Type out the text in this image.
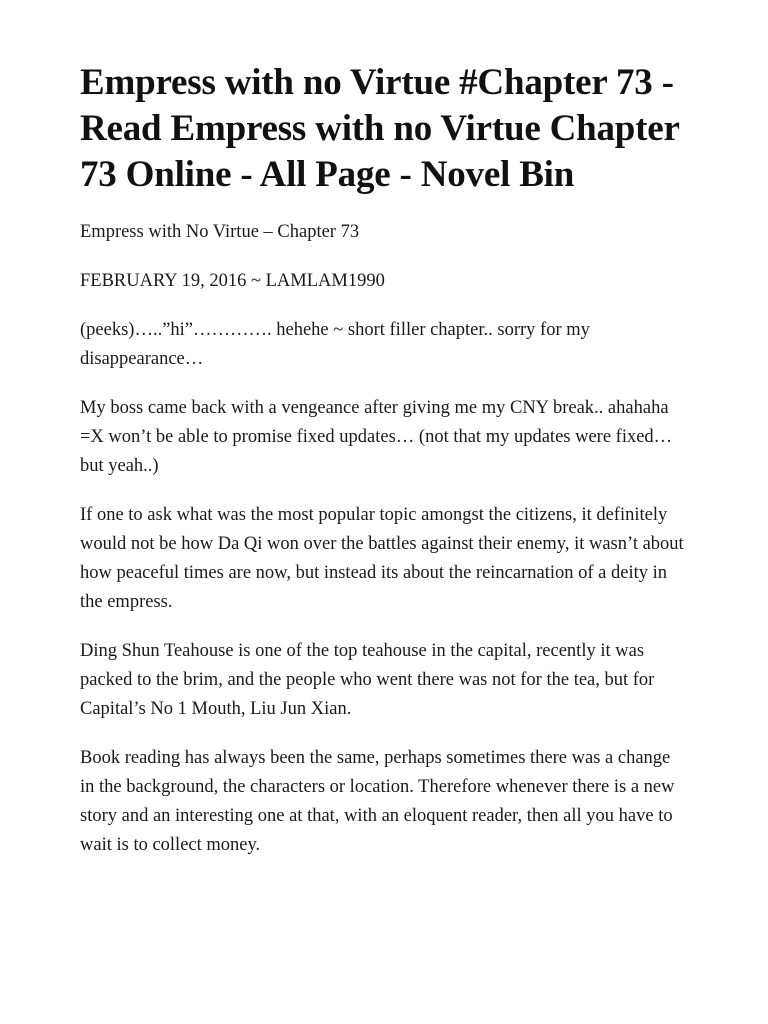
Empress with no Virtue #Chapter 73 - Read Empress with no Virtue Chapter 73 Online - All Page - Novel Bin

Empress with No Virtue – Chapter 73

FEBRUARY 19, 2016 ~ LAMLAM1990

(peeks)…..”hi”…………. hehehe ~ short filler chapter.. sorry for my disappearance…

My boss came back with a vengeance after giving me my CNY break.. ahahaha =X won’t be able to promise fixed updates… (not that my updates were fixed…but yeah..)

If one to ask what was the most popular topic amongst the citizens, it definitely would not be how Da Qi won over the battles against their enemy, it wasn’t about how peaceful times are now, but instead its about the reincarnation of a deity in the empress.

Ding Shun Teahouse is one of the top teahouse in the capital, recently it was packed to the brim, and the people who went there was not for the tea, but for Capital’s No 1 Mouth, Liu Jun Xian.

Book reading has always been the same, perhaps sometimes there was a change in the background, the characters or location. Therefore whenever there is a new story and an interesting one at that, with an eloquent reader, then all you have to wait is to collect money.
